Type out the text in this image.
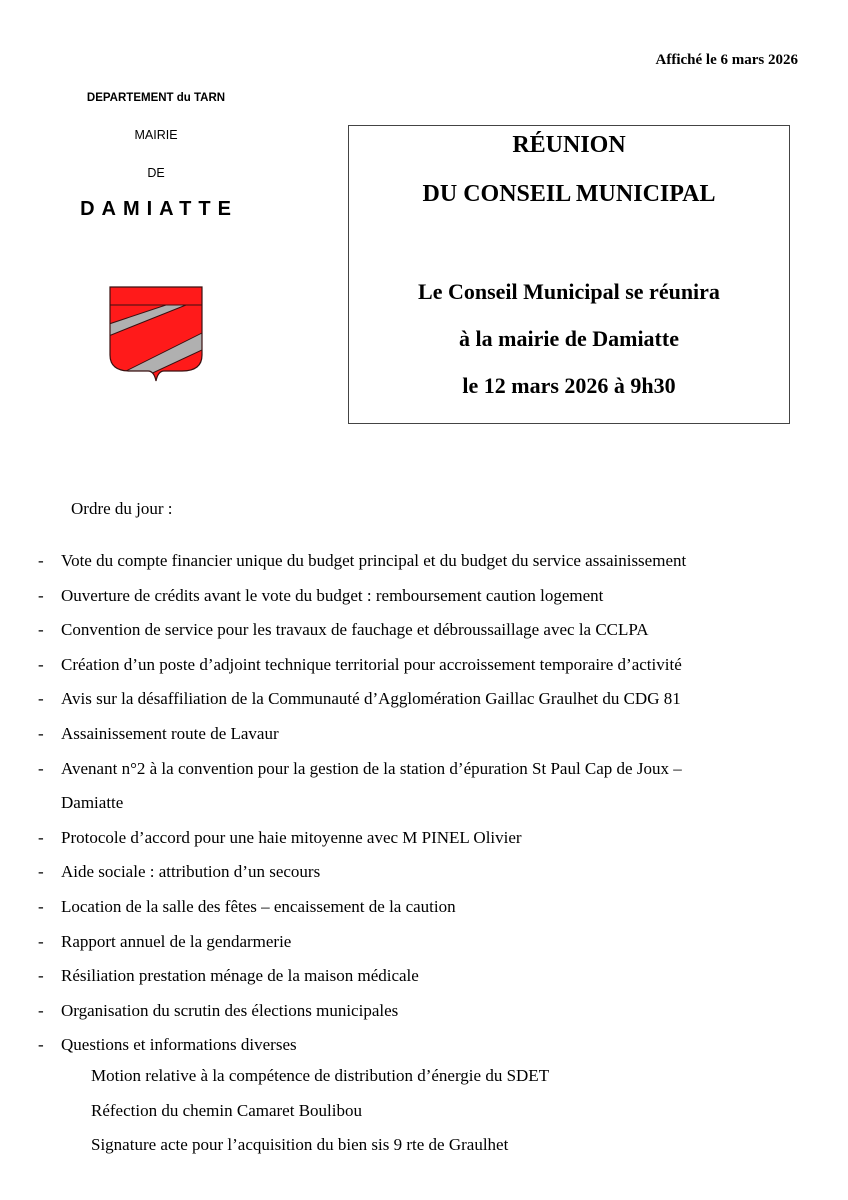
Affiché le 6 mars 2026
DEPARTEMENT du TARN
MAIRIE
DE
DAMIATTE
RÉUNION
DU CONSEIL MUNICIPAL
Le Conseil Municipal se réunira
à la mairie de Damiatte
le 12 mars 2026 à 9h30
Ordre du jour :
- Vote du compte financier unique du budget principal et du budget du service assainissement
- Ouverture de crédits avant le vote du budget : remboursement caution logement
- Convention de service pour les travaux de fauchage et débroussaillage avec la CCLPA
- Création d’un poste d’adjoint technique territorial pour accroissement temporaire d’activité
- Avis sur la désaffiliation de la Communauté d’Agglomération Gaillac Graulhet du CDG 81
- Assainissement route de Lavaur
- Avenant n°2 à la convention pour la gestion de la station d’épuration St Paul Cap de Joux –
Damiatte
- Protocole d’accord pour une haie mitoyenne avec M PINEL Olivier
- Aide sociale : attribution d’un secours
- Location de la salle des fêtes – encaissement de la caution
- Rapport annuel de la gendarmerie
- Résiliation prestation ménage de la maison médicale
- Organisation du scrutin des élections municipales
- Questions et informations diverses
Motion relative à la compétence de distribution d’énergie du SDET
Réfection du chemin Camaret Boulibou
Signature acte pour l’acquisition du bien sis 9 rte de Graulhet
